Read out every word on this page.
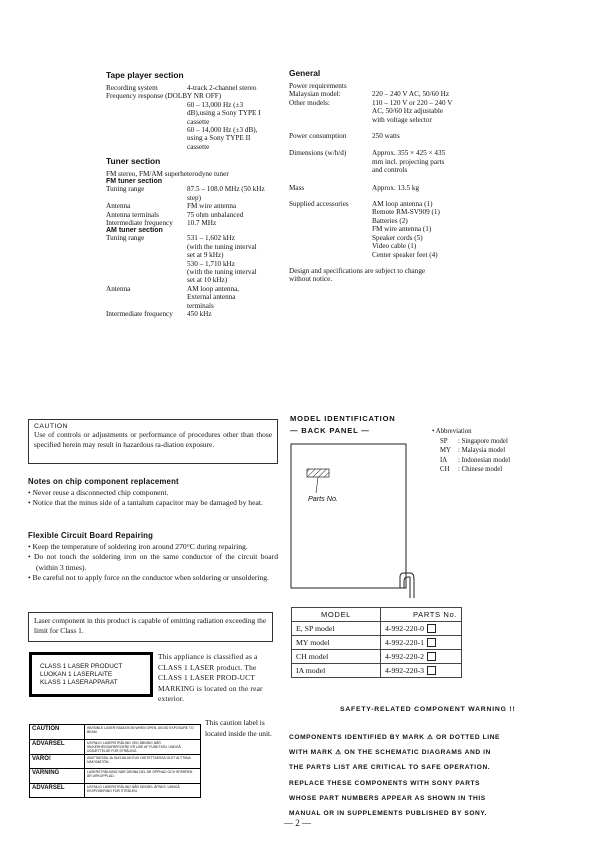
Tape player section
Recording system	4-track 2-channel stereo
Frequency response (DOLBY NR OFF)
60 – 13,000 Hz (±3
dB),using a Sony TYPE I
cassette
60 – 14,000 Hz (±3 dB),
using a Sony TYPE II
cassette
Tuner section
FM stereo, FM/AM superheterodyne tuner
FM tuner section
Tuning range	87.5 – 108.0 MHz (50 kHz
step)
Antenna	FM wire antenna
Antenna terminals	75 ohm unbalanced
Intermediate frequency	10.7 MHz
AM tuner section
Tuning range	531 – 1,602 kHz
(with the tuning interval
set at 9 kHz)
530 – 1,710 kHz
(with the tuning interval
set at 10 kHz)
Antenna	AM loop antenna,
External antenna
terminals
Intermediate frequency	450 kHz
General
Power requirements
Malaysian model:
	220 – 240 V AC, 50/60 Hz
Other models:	110 – 120 V or 220 – 240 V
AC, 50/60 Hz adjustable
with voltage selector
Power consumption	250 watts
Dimensions (w/h/d)	Approx. 355 × 425 × 435
mm incl. projecting parts
and controls
Mass	Approx. 13.5 kg
Supplied accessories	AM loop antenna (1)
Remote RM-SV909 (1)
Batteries (2)
FM wire antenna (1)
Speaker cords (5)
Video cable (1)
Center speaker feet (4)
Design and specifications are subject to change
without notice.
CAUTION
Use of controls or adjustments or performance of procedures other than those specified herein may result in hazardous ra-diation exposure.
Notes on chip component replacement
• Never reuse a disconnected chip component.
• Notice that the minus side of a tantalum capacitor may be damaged by heat.
Flexible Circuit Board Repairing
• Keep the temperature of soldering iron around 270°C during repairing.
• Do not touch the soldering iron on the same conductor of the circuit board (within 3 times).
• Be careful not to apply force on the conductor when soldering or unsoldering.
Laser component in this product is capable of emitting radiation exceeding the limit for Class 1.
CLASS 1 LASER PRODUCT
LUOKAN 1 LASERLAITE
KLASS 1 LASERAPPARAT
This appliance is classified as a CLASS 1 LASER product. The CLASS 1 LASER PROD-UCT MARKING is located on the rear exterior.
CAUTION	INVISIBLE LASER RADIATION WHEN OPEN. AVOID EXPOSURE TO BEAM.
ADVARSEL	USYNLIG LASERSTRÅLING VED ÅBNING NÅR SIKKERHEDSAFBRYDERE ER UDE AF FUNKTION. UNDGÅ UDSÆTTELSE FOR STRÅLING.
VARO!	AVATTAESSA JA SUOJALUKITUS OHITETTAESSA OLET ALTTIINA NÄKYMÄTÖN.
VARNING	LASERSTRÅLNING NÄR DENNA DEL ÄR ÖPPNAD OCH SPÄRREN ÄR URKOPPLAD.
ADVARSEL	USYNLIG LASERSTRÅLING NÅR DEKSEL ÅPNES. UNNGÅ EKSPONERING FOR STRÅLEN.
This caution label is located inside the unit.
MODEL IDENTIFICATION
— BACK PANEL —
Parts No.
• Abbreviation
SP	: Singapore model
MY	: Malaysia model
IA	: Indonesian model
CH	: Chinese model
MODEL	PARTS No.
E, SP model	4-992-220-0
MY model	4-992-220-1
CH model	4-992-220-2
IA model	4-992-220-3
SAFETY-RELATED COMPONENT WARNING !!
COMPONENTS IDENTIFIED BY MARK ⚠ OR DOTTED LINE
WITH MARK ⚠ ON THE SCHEMATIC DIAGRAMS AND IN
THE PARTS LIST ARE CRITICAL TO SAFE OPERATION.
REPLACE THESE COMPONENTS WITH SONY PARTS
WHOSE PART NUMBERS APPEAR AS SHOWN IN THIS
MANUAL OR IN SUPPLEMENTS PUBLISHED BY SONY.
— 2 —
